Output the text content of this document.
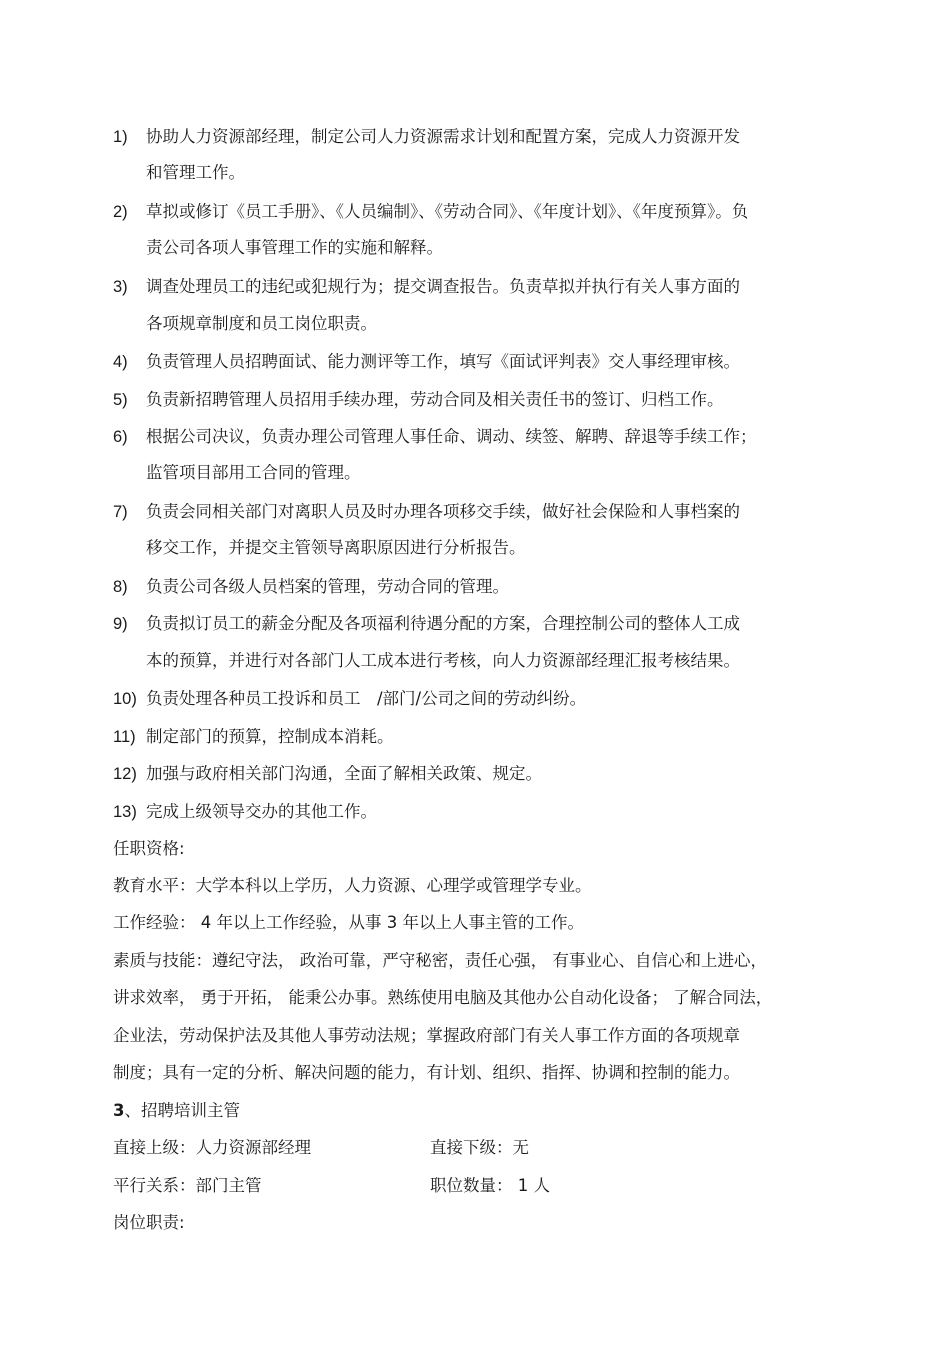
1) 协助人力资源部经理，制定公司人力资源需求计划和配置方案，完成人力资源开发
和管理工作。
2) 草拟或修订《员工手册》、《人员编制》、《劳动合同》、《年度计划》、《年度预算》。负
责公司各项人事管理工作的实施和解释。
3) 调查处理员工的违纪或犯规行为；提交调查报告。负责草拟并执行有关人事方面的
各项规章制度和员工岗位职责。
4) 负责管理人员招聘面试、能力测评等工作，填写《面试评判表》交人事经理审核。
5) 负责新招聘管理人员招用手续办理，劳动合同及相关责任书的签订、归档工作。
6) 根据公司决议，负责办理公司管理人事任命、调动、续签、解聘、辞退等手续工作；
监管项目部用工合同的管理。
7) 负责会同相关部门对离职人员及时办理各项移交手续，做好社会保险和人事档案的
移交工作，并提交主管领导离职原因进行分析报告。
8) 负责公司各级人员档案的管理，劳动合同的管理。
9) 负责拟订员工的薪金分配及各项福利待遇分配的方案，合理控制公司的整体人工成
本的预算，并进行对各部门人工成本进行考核，向人力资源部经理汇报考核结果。
10) 负责处理各种员工投诉和员工　/部门/公司之间的劳动纠纷。
11) 制定部门的预算，控制成本消耗。
12) 加强与政府相关部门沟通，全面了解相关政策、规定。
13) 完成上级领导交办的其他工作。
任职资格:
教育水平：大学本科以上学历，人力资源、心理学或管理学专业。
工作经验： 4 年以上工作经验，从事 3 年以上人事主管的工作。
素质与技能：遵纪守法， 政治可靠，严守秘密，责任心强， 有事业心、自信心和上进心，
讲求效率， 勇于开拓， 能秉公办事。熟练使用电脑及其他办公自动化设备； 了解合同法，
企业法，劳动保护法及其他人事劳动法规；掌握政府部门有关人事工作方面的各项规章
制度；具有一定的分析、解决问题的能力，有计划、组织、指挥、协调和控制的能力。
3、招聘培训主管
直接上级：人力资源部经理	直接下级：无
平行关系：部门主管	职位数量： 1 人
岗位职责:
